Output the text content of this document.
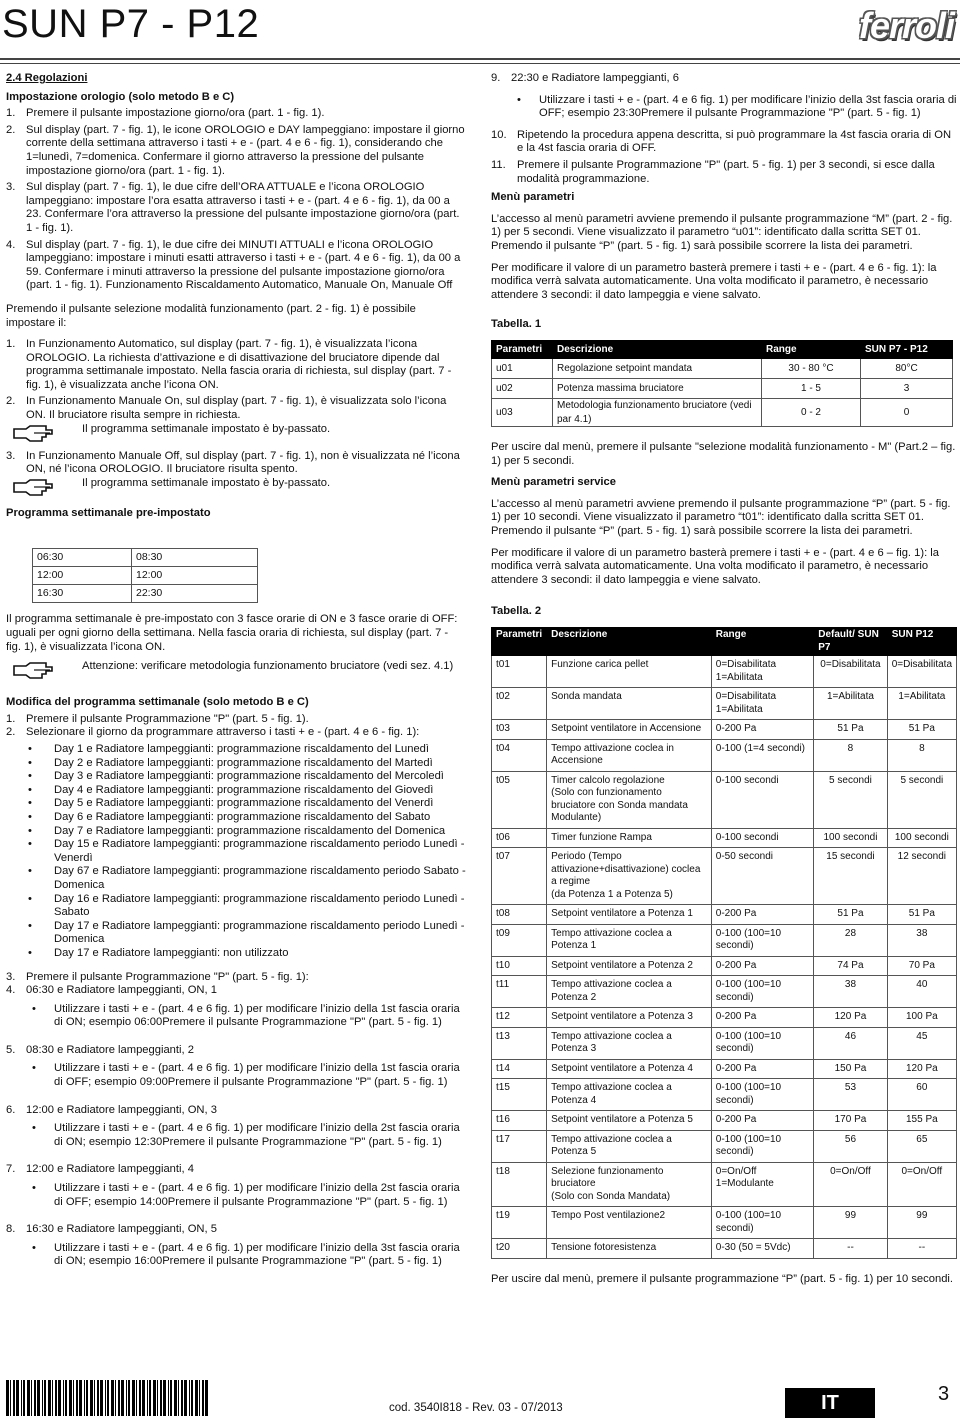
SUN P7 - P12	ferroli

2.4 Regolazioni

Impostazione orologio (solo metodo B e C)

1. Premere il pulsante impostazione giorno/ora (part. 1 - fig. 1).
2. Sul display (part. 7 - fig. 1), le icone OROLOGIO e DAY lampeggiano: impostare il giorno corrente della settimana attraverso i tasti + e - (part. 4 e 6 - fig. 1), considerando che 1=lunedì, 7=domenica. Confermare il giorno attraverso la pressione del pulsante impostazione giorno/ora (part. 1 - fig. 1).
3. Sul display (part. 7 - fig. 1), le due cifre dell’ORA ATTUALE e l’icona OROLOGIO lampeggiano: impostare l’ora esatta attraverso i tasti + e - (part. 4 e 6 - fig. 1), da 00 a 23. Confermare l’ora attraverso la pressione del pulsante impostazione giorno/ora (part. 1 - fig. 1).
4. Sul display (part. 7 - fig. 1), le due cifre dei MINUTI ATTUALI e l’icona OROLOGIO lampeggiano: impostare i minuti esatti attraverso i tasti + e - (part. 4 e 6 - fig. 1), da 00 a 59. Confermare i minuti attraverso la pressione del pulsante impostazione giorno/ora (part. 1 - fig. 1). Funzionamento Riscaldamento Automatico, Manuale On, Manuale Off

Premendo il pulsante selezione modalità funzionamento (part. 2 - fig. 1) è possibile impostare il:

1. In Funzionamento Automatico, sul display (part. 7 - fig. 1), è visualizzata l’icona OROLOGIO. La richiesta d’attivazione e di disattivazione del bruciatore dipende dal programma settimanale impostato. Nella fascia oraria di richiesta, sul display (part. 7 - fig. 1), è visualizzata anche l’icona ON.
2. In Funzionamento Manuale On, sul display (part. 7 - fig. 1), è visualizzata solo l’icona ON. Il bruciatore risulta sempre in richiesta.
Il programma settimanale impostato è by-passato.
3. In Funzionamento Manuale Off, sul display (part. 7 - fig. 1), non è visualizzata né l’icona ON, né l’icona OROLOGIO. Il bruciatore risulta spento.
Il programma settimanale impostato è by-passato.

Programma settimanale pre-impostato

06:30	08:30
12:00	12:00
16:30	22:30

Il programma settimanale è pre-impostato con 3 fasce orarie di ON e 3 fasce orarie di OFF: uguali per ogni giorno della settimana. Nella fascia oraria di richiesta, sul display (part. 7 - fig. 1), è visualizzata l’icona ON.

Attenzione: verificare metodologia funzionamento bruciatore (vedi sez. 4.1)

Modifica del programma settimanale (solo metodo B e C)

1. Premere il pulsante Programmazione "P" (part. 5 - fig. 1).
2. Selezionare il giorno da programmare attraverso i tasti + e - (part. 4 e 6 - fig. 1):
•	Day 1 e Radiatore lampeggianti: programmazione riscaldamento del Lunedì
•	Day 2 e Radiatore lampeggianti: programmazione riscaldamento del Martedì
•	Day 3 e Radiatore lampeggianti: programmazione riscaldamento del Mercoledì
•	Day 4 e Radiatore lampeggianti: programmazione riscaldamento del Giovedì
•	Day 5 e Radiatore lampeggianti: programmazione riscaldamento del Venerdì
•	Day 6 e Radiatore lampeggianti: programmazione riscaldamento del Sabato
•	Day 7 e Radiatore lampeggianti: programmazione riscaldamento del Domenica
•	Day 15 e Radiatore lampeggianti: programmazione riscaldamento periodo Lunedì - Venerdì
•	Day 67 e Radiatore lampeggianti: programmazione riscaldamento periodo Sabato - Domenica
•	Day 16 e Radiatore lampeggianti: programmazione riscaldamento periodo Lunedì - Sabato
•	Day 17 e Radiatore lampeggianti: programmazione riscaldamento periodo Lunedì - Domenica
•	Day 17 e Radiatore lampeggianti: non utilizzato
3. Premere il pulsante Programmazione "P" (part. 5 - fig. 1):
4. 06:30 e Radiatore lampeggianti, ON, 1
•	Utilizzare i tasti + e - (part. 4 e 6 fig. 1) per modificare l’inizio della 1st fascia oraria di ON; esempio 06:00Premere il pulsante Programmazione "P" (part. 5 - fig. 1)
5. 08:30 e Radiatore lampeggianti, 2
•	Utilizzare i tasti + e - (part. 4 e 6 fig. 1) per modificare l’inizio della 1st fascia oraria di OFF; esempio 09:00Premere il pulsante Programmazione "P" (part. 5 - fig. 1)
6. 12:00 e Radiatore lampeggianti, ON, 3
•	Utilizzare i tasti + e - (part. 4 e 6 fig. 1) per modificare l’inizio della 2st fascia oraria di ON; esempio 12:30Premere il pulsante Programmazione "P" (part. 5 - fig. 1)
7. 12:00 e Radiatore lampeggianti, 4
•	Utilizzare i tasti + e - (part. 4 e 6 fig. 1) per modificare l’inizio della 2st fascia oraria di OFF; esempio 14:00Premere il pulsante Programmazione "P" (part. 5 - fig. 1)
8. 16:30 e Radiatore lampeggianti, ON, 5
•	Utilizzare i tasti + e - (part. 4 e 6 fig. 1) per modificare l’inizio della 3st fascia oraria di ON; esempio 16:00Premere il pulsante Programmazione "P" (part. 5 - fig. 1)
9. 22:30 e Radiatore lampeggianti, 6
•	Utilizzare i tasti + e - (part. 4 e 6 fig. 1) per modificare l’inizio della 3st fascia oraria di OFF; esempio 23:30Premere il pulsante Programmazione "P" (part. 5 - fig. 1)
10. Ripetendo la procedura appena descritta, si può programmare la 4st fascia oraria di ON e la 4st fascia oraria di OFF.
11.	Premere il pulsante Programmazione "P" (part. 5 - fig. 1) per 3 secondi, si esce dalla modalità programmazione.

Menù parametri

L’accesso al menù parametri avviene premendo il pulsante programmazione “M” (part. 2 - fig. 1) per 5 secondi. Viene visualizzato il parametro “u01”: identificato dalla scritta SET 01. Premendo il pulsante “P” (part. 5 - fig. 1) sarà possibile scorrere la lista dei parametri.

Per modificare il valore di un parametro basterà premere i tasti + e - (part. 4 e 6 - fig. 1): la modifica verrà salvata automaticamente. Una volta modificato il parametro, è necessario attendere 3 secondi: il dato lampeggia e viene salvato.

Tabella. 1

Parametri	Descrizione	Range	SUN P7 - P12
u01	Regolazione setpoint mandata	30 - 80 °C	80°C
u02	Potenza massima bruciatore	1 - 5	3
u03	Metodologia funzionamento bruciatore (vedi par 4.1)	0 - 2	0

Per uscire dal menù, premere il pulsante "selezione modalità funzionamento - M" (Part.2 – fig. 1) per 5 secondi.

Menù parametri service

L’accesso al menù parametri avviene premendo il pulsante programmazione “P” (part. 5 - fig. 1) per 10 secondi. Viene visualizzato il parametro “t01”: identificato dalla scritta SET 01. Premendo il pulsante “P” (part. 5 - fig. 1) sarà possibile scorrere la lista dei parametri.

Per modificare il valore di un parametro basterà premere i tasti + e - (part. 4 e 6 – fig. 1): la modifica verrà salvata automaticamente. Una volta modificato il parametro, è necessario attendere 3 secondi: il dato lampeggia e viene salvato.

Tabella. 2

Parametri	Descrizione	Range	Default/ SUN P7	SUN P12
t01	Funzione carica pellet	0=Disabilitata 1=Abilitata	0=Disabilitata	0=Disabilitata
t02	Sonda mandata	0=Disabilitata 1=Abilitata	1=Abilitata	1=Abilitata
t03	Setpoint ventilatore in Accensione	0-200 Pa	51 Pa	51 Pa
t04	Tempo attivazione coclea in Accensione	0-100 (1=4 secondi)	8	8
t05	Timer calcolo regolazione
(Solo con funzionamento bruciatore con Sonda mandata Modulante)	0-100 secondi	5 secondi	5 secondi
t06	Timer funzione Rampa	0-100 secondi	100 secondi	100 secondi
t07	Periodo (Tempo attivazione+disattivazione) coclea a regime
(da Potenza 1 a Potenza 5)	0-50 secondi	15 secondi	12 secondi
t08	Setpoint ventilatore a Potenza 1	0-200 Pa	51 Pa	51 Pa
t09	Tempo attivazione coclea a Potenza 1	0-100 (100=10 secondi)	28	38
t10	Setpoint ventilatore a Potenza 2	0-200 Pa	74 Pa	70 Pa
t11	Tempo attivazione coclea a Potenza 2	0-100 (100=10 secondi)	38	40
t12	Setpoint ventilatore a Potenza 3	0-200 Pa	120 Pa	100 Pa
t13	Tempo attivazione coclea a Potenza 3	0-100 (100=10 secondi)	46	45
t14	Setpoint ventilatore a Potenza 4	0-200 Pa	150 Pa	120 Pa
t15	Tempo attivazione coclea a Potenza 4	0-100 (100=10 secondi)	53	60
t16	Setpoint ventilatore a Potenza 5	0-200 Pa	170 Pa	155 Pa
t17	Tempo attivazione coclea a Potenza 5	0-100 (100=10 secondi)	56	65
t18	Selezione funzionamento bruciatore
(Solo con Sonda Mandata)	0=On/Off 1=Modulante	0=On/Off	0=On/Off
t19	Tempo Post ventilazione2	0-100 (100=10 secondi)	99	99
t20	Tensione fotoresistenza	0-30 (50 = 5Vdc)	--	--

Per uscire dal menù, premere il pulsante programmazione “P” (part. 5 - fig. 1) per 10 secondi.

cod. 3540I818 - Rev. 03 - 07/2013	IT	3
